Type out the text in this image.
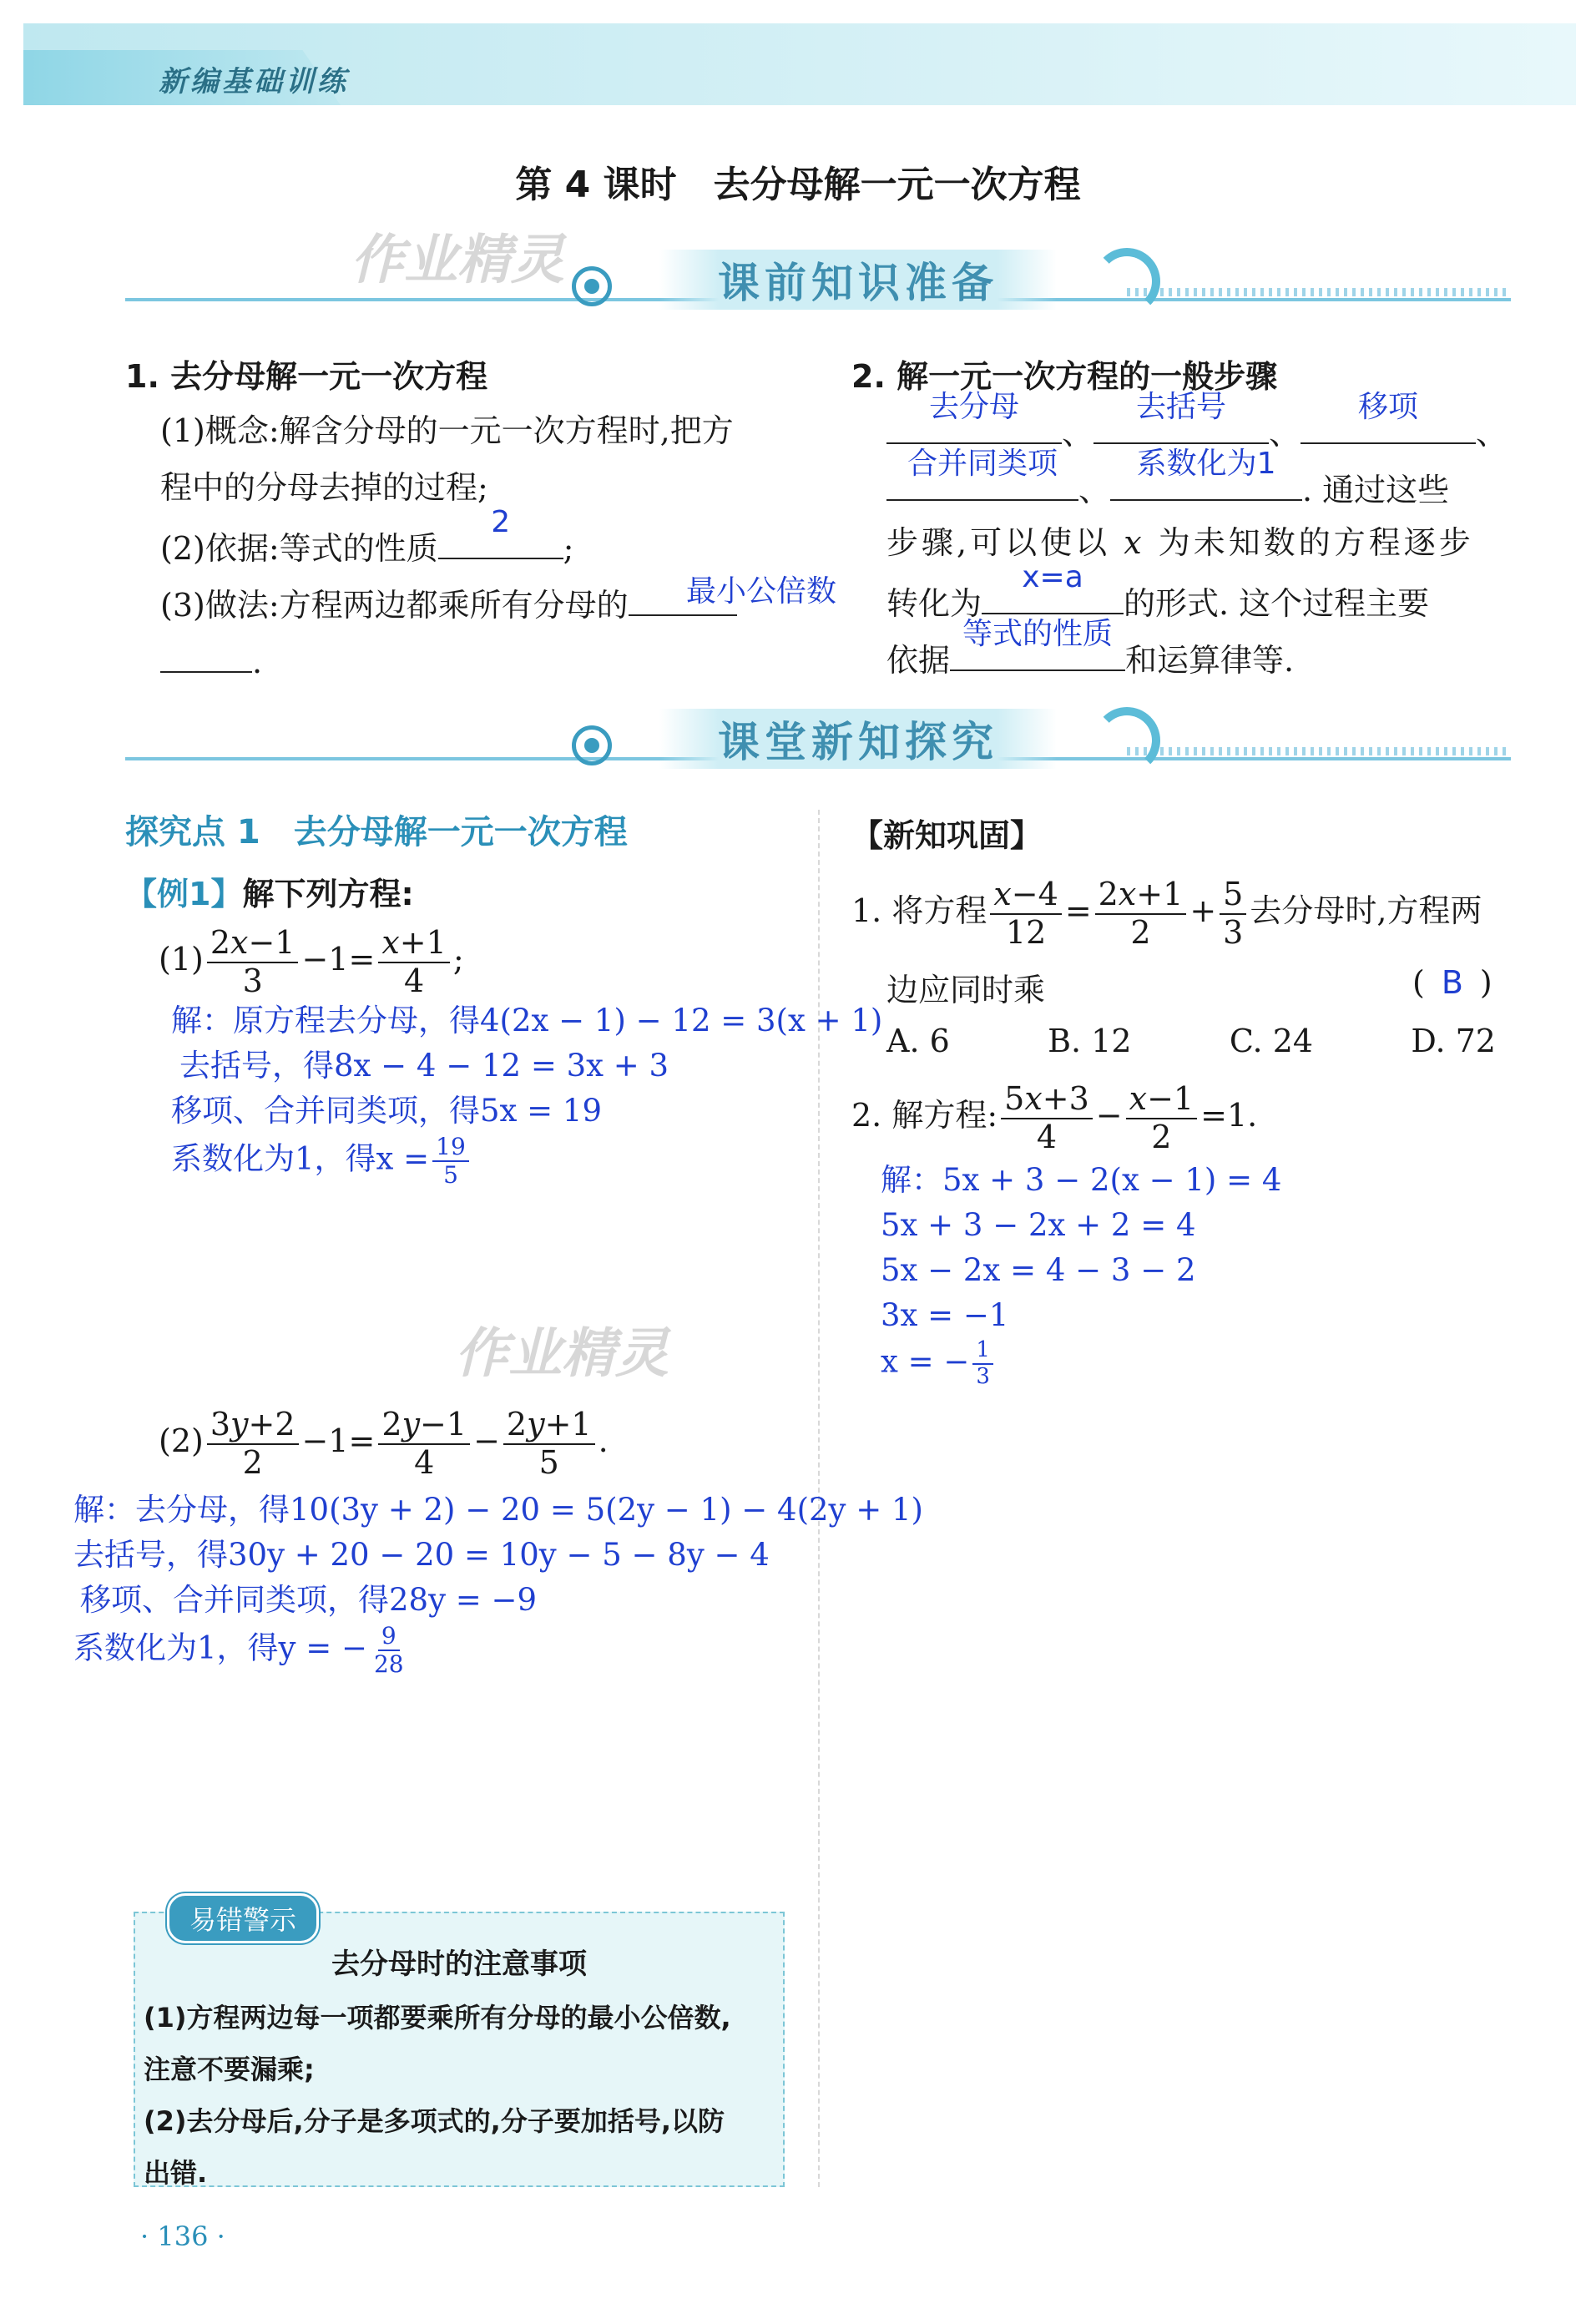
新编基础训练
第 4 课时　去分母解一元一次方程
作业精灵
作业精灵
课前知识准备
1. 去分母解一元一次方程
(1)概念:解含分母的一元一次方程时,把方
程中的分母去掉的过程;
(2)依据:等式的性质
2
;
(3)做法:方程两边都乘所有分母的	最小公倍数
.
2. 解一元一次方程的一般步骤
去分母
、
去括号
、
移项
、
合并同类项
、
系数化为1
. 通过这些
步骤,可以使以 x 为未知数的方程逐步
转化为
x=a
的形式. 这个过程主要
依据
等式的性质
和运算律等.
课堂新知探究
探究点 1　去分母解一元一次方程
【例1】解下列方程:
$(1) \frac{2x-1}{3} -1= \frac{x+1}{4}$ ;
解：原方程去分母，得4(2x − 1) − 12 = 3(x + 1)
去括号，得8x − 4 − 12 = 3x + 3
移项、合并同类项，得5x = 19
系数化为1，得$x = \frac{19}{5}$
$(2) \frac{3y+2}{2} -1= \frac{2y-1}{4} - \frac{2y+1}{5}$ .
解：去分母，得10(3y + 2) − 20 = 5(2y − 1) − 4(2y + 1)
去括号，得30y + 20 − 20 = 10y − 5 − 8y − 4
移项、合并同类项，得28y = −9
系数化为1，得y = − $\frac{9}{28}$
【新知巩固】
1. 将方程 $\frac{x-4}{12} = \frac{2x+1}{2} + \frac{5}{3}$ 去分母时,方程两
边应同时乘	( B )
A. 6	B. 12	C. 24	D. 72
2. 解方程: $\frac{5x+3}{4} - \frac{x-1}{2} =1$.
解：5x + 3 − 2(x − 1) = 4
5x + 3 − 2x + 2 = 4
5x − 2x = 4 − 3 − 2
3x = −1
x = − $\frac{1}{3}$
易错警示
去分母时的注意事项
(1)方程两边每一项都要乘所有分母的最小公倍数,
注意不要漏乘;
(2)去分母后,分子是多项式的,分子要加括号,以防
出错.
· 136 ·
